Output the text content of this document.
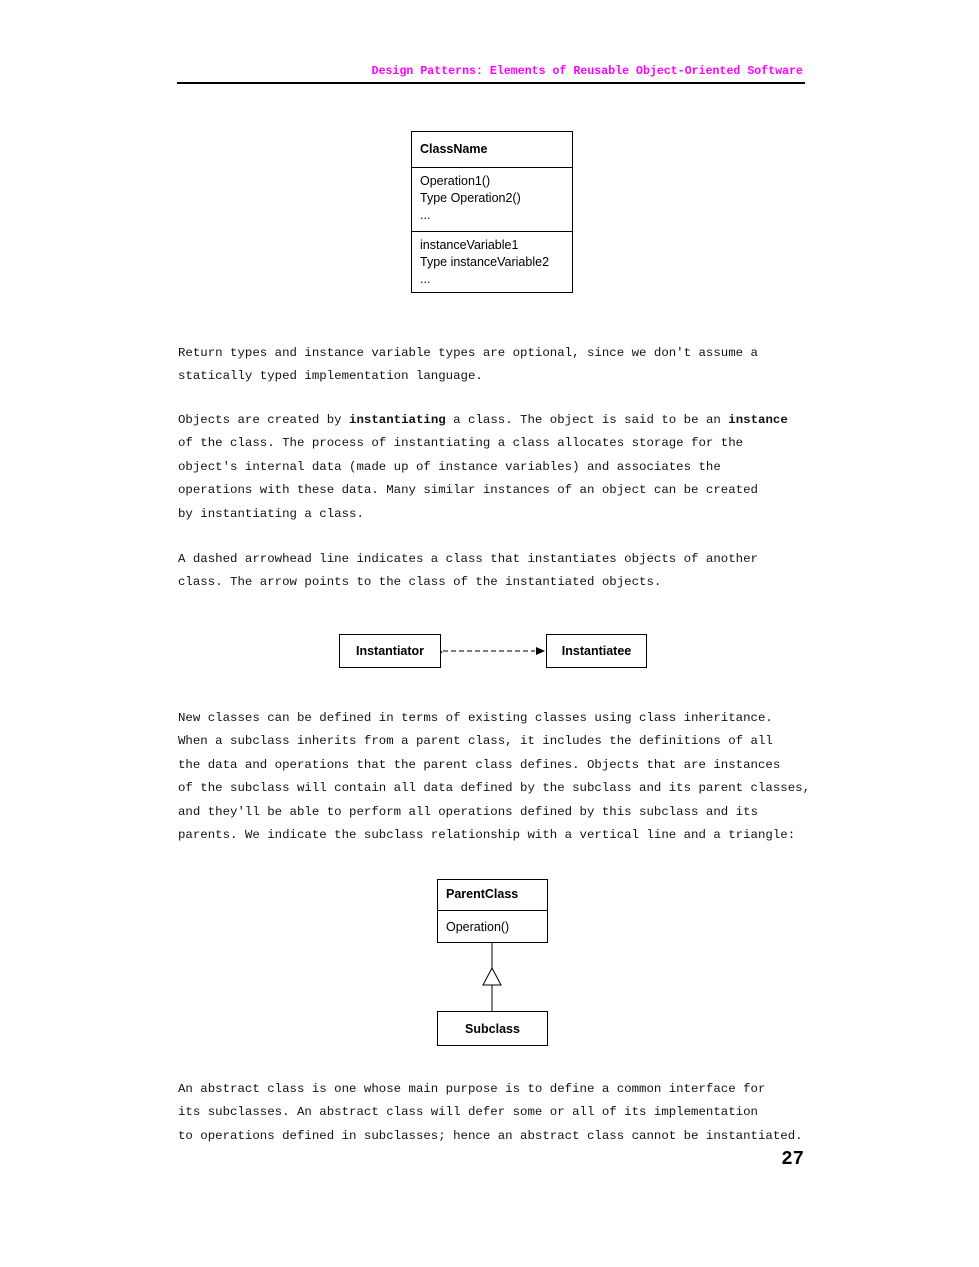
Design Patterns: Elements of Reusable Object-Oriented Software
ClassName
Operation1()
Type Operation2()
...
instanceVariable1
Type instanceVariable2
...
Return types and instance variable types are optional, since we don't assume a
statically typed implementation language.
Objects are created by instantiating a class. The object is said to be an instance
of the class. The process of instantiating a class allocates storage for the
object's internal data (made up of instance variables) and associates the
operations with these data. Many similar instances of an object can be created
by instantiating a class.
A dashed arrowhead line indicates a class that instantiates objects of another
class. The arrow points to the class of the instantiated objects.
Instantiator	Instantiatee
New classes can be defined in terms of existing classes using class inheritance.
When a subclass inherits from a parent class, it includes the definitions of all
the data and operations that the parent class defines. Objects that are instances
of the subclass will contain all data defined by the subclass and its parent classes,
and they'll be able to perform all operations defined by this subclass and its
parents. We indicate the subclass relationship with a vertical line and a triangle:
ParentClass
Operation()
Subclass
An abstract class is one whose main purpose is to define a common interface for
its subclasses. An abstract class will defer some or all of its implementation
to operations defined in subclasses; hence an abstract class cannot be instantiated.
27
